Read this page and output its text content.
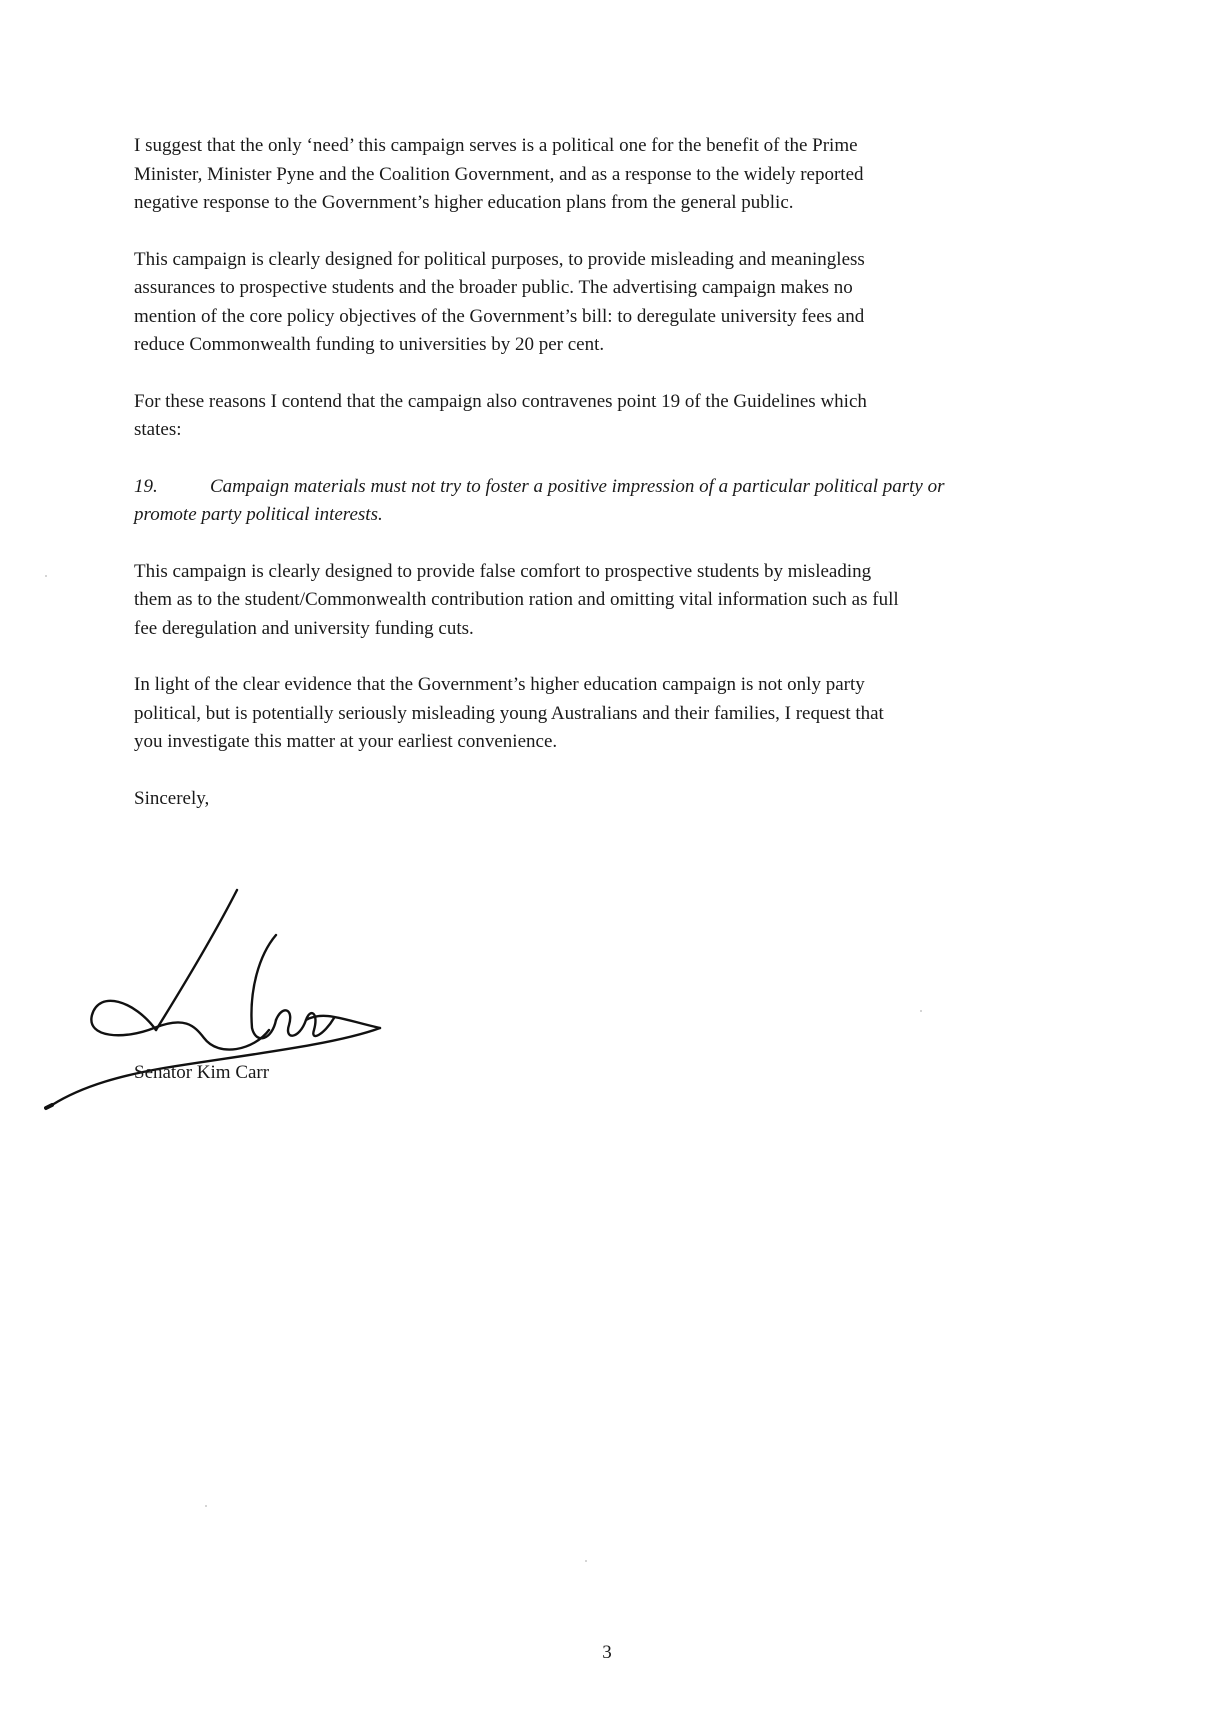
I suggest that the only ‘need’ this campaign serves is a political one for the benefit of the Prime
Minister, Minister Pyne and the Coalition Government, and as a response to the widely reported
negative response to the Government’s higher education plans from the general public.

This campaign is clearly designed for political purposes, to provide misleading and meaningless
assurances to prospective students and the broader public. The advertising campaign makes no
mention of the core policy objectives of the Government’s bill: to deregulate university fees and
reduce Commonwealth funding to universities by 20 per cent.

For these reasons I contend that the campaign also contravenes point 19 of the Guidelines which
states:

19.	Campaign materials must not try to foster a positive impression of a particular political party or
promote party political interests.

This campaign is clearly designed to provide false comfort to prospective students by misleading
them as to the student/Commonwealth contribution ration and omitting vital information such as full
fee deregulation and university funding cuts.

In light of the clear evidence that the Government’s higher education campaign is not only party
political, but is potentially seriously misleading young Australians and their families, I request that
you investigate this matter at your earliest convenience.

Sincerely,

Senator Kim Carr
3
